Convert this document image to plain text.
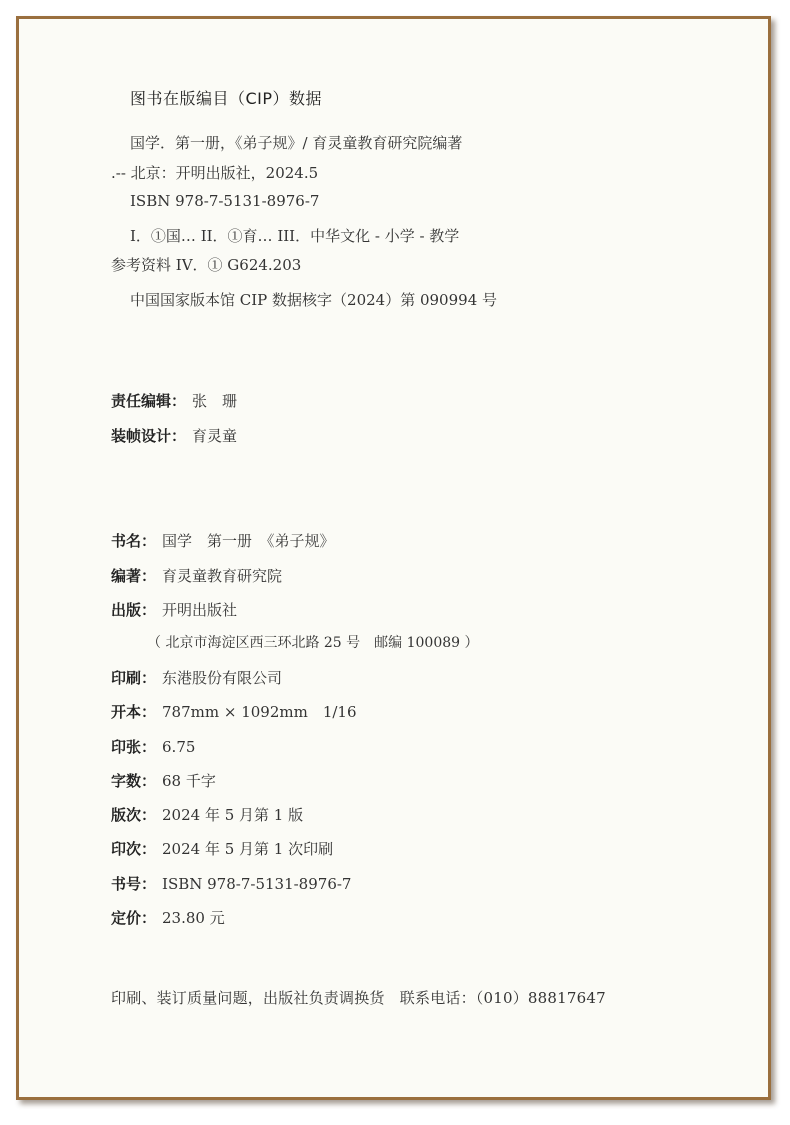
图书在版编目（CIP）数据
国学．第一册，《弟子规》/ 育灵童教育研究院编著
.-- 北京：开明出版社，2024.5
ISBN 978-7-5131-8976-7
I．①国… II．①育… III．中华文化 - 小学 - 教学
参考资料 IV．① G624.203
中国国家版本馆 CIP 数据核字（2024）第 090994 号
责任编辑： 张　珊
装帧设计： 育灵童
书名： 国学　第一册　《弟子规》
编著： 育灵童教育研究院
出版： 开明出版社
（ 北京市海淀区西三环北路 25 号　邮编 100089 ）
印刷： 东港股份有限公司
开本： 787mm × 1092mm　1/16
印张： 6.75
字数： 68 千字
版次： 2024 年 5 月第 1 版
印次： 2024 年 5 月第 1 次印刷
书号： ISBN 978-7-5131-8976-7
定价： 23.80 元
印刷、装订质量问题，出版社负责调换货　联系电话：（010）88817647
